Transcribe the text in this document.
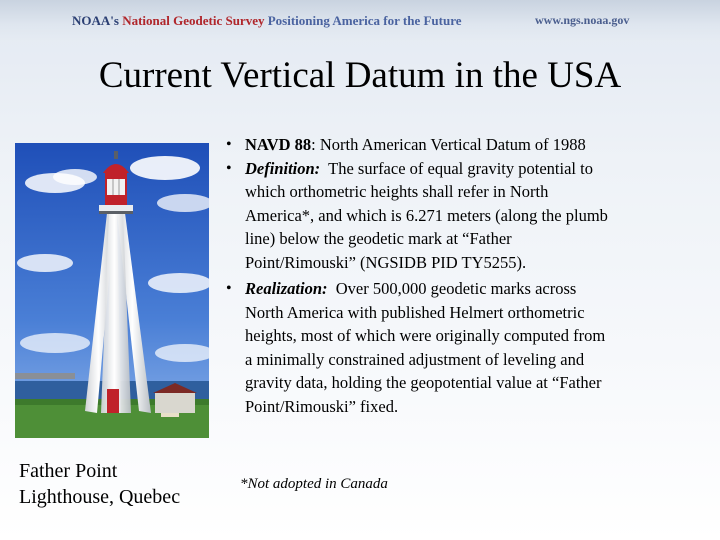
NOAA's National Geodetic Survey Positioning America for the Future	www.ngs.noaa.gov
Current Vertical Datum in the USA
Father Point
Lighthouse, Quebec
• NAVD 88: North American Vertical Datum of 1988
• Definition:  The surface of equal gravity potential to
which orthometric heights shall refer in North
America*, and which is 6.271 meters (along the plumb
line) below the geodetic mark at “Father
Point/Rimouski” (NGSIDB PID TY5255).
• Realization:  Over 500,000 geodetic marks across
North America with published Helmert orthometric
heights, most of which were originally computed from
a minimally constrained adjustment of leveling and
gravity data, holding the geopotential value at “Father
Point/Rimouski” fixed.
*Not adopted in Canada
